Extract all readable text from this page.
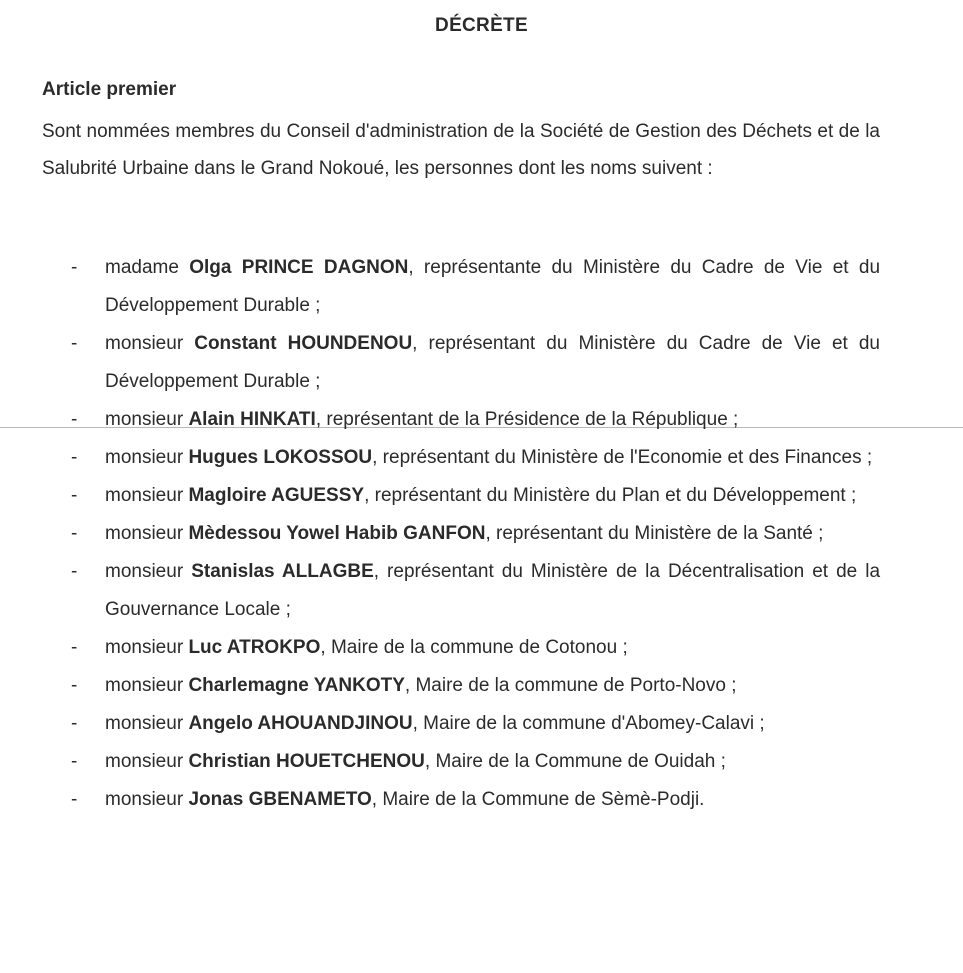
DÉCRÈTE
Article premier

Sont nommées membres du Conseil d'administration de la Société de Gestion des Déchets et de la Salubrité Urbaine dans le Grand Nokoué, les personnes dont les noms suivent :

- madame Olga PRINCE DAGNON, représentante du Ministère du Cadre de Vie et du Développement Durable ;
- monsieur Constant HOUNDENOU, représentant du Ministère du Cadre de Vie et du Développement Durable ;
- monsieur Alain HINKATI, représentant de la Présidence de la République ;
- monsieur Hugues LOKOSSOU, représentant du Ministère de l'Economie et des Finances ;
- monsieur Magloire AGUESSY, représentant du Ministère du Plan et du Développement ;
- monsieur Mèdessou Yowel Habib GANFON, représentant du Ministère de la Santé ;
- monsieur Stanislas ALLAGBE, représentant du Ministère de la Décentralisation et de la Gouvernance Locale ;
- monsieur Luc ATROKPO, Maire de la commune de Cotonou ;
- monsieur Charlemagne YANKOTY, Maire de la commune de Porto-Novo ;
- monsieur Angelo AHOUANDJINOU, Maire de la commune d'Abomey-Calavi ;
- monsieur Christian HOUETCHENOU, Maire de la Commune de Ouidah ;
- monsieur Jonas GBENAMETO, Maire de la Commune de Sèmè-Podji.
